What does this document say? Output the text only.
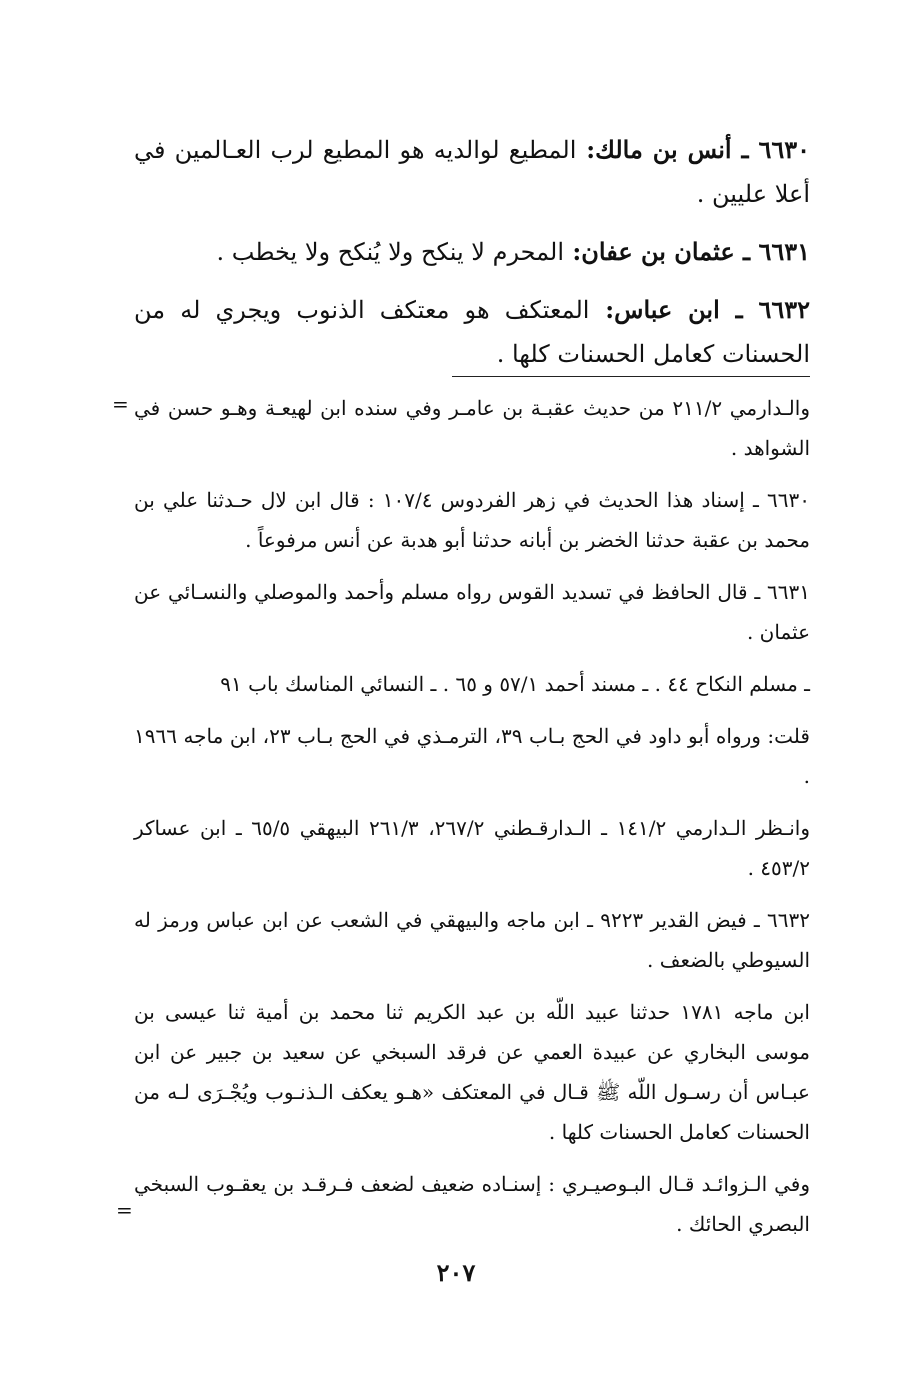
٦٦٣٠ ـ أنس بن مالك: المطيع لوالديه هو المطيع لرب العـالمين في أعلا عليين .

٦٦٣١ ـ عثمان بن عفان: المحرم لا ينكح ولا يُنكح ولا يخطب .

٦٦٣٢ ـ ابن عباس: المعتكف هو معتكف الذنوب ويجري له من الحسنات كعامل الحسنات كلها .

= والـدارمي ٢١١/٢ من حديث عقبـة بن عامـر وفي سنده ابن لهيعـة وهـو حسن في الشواهد .

٦٦٣٠ ـ إسناد هذا الحديث في زهر الفردوس ١٠٧/٤ : قال ابن لال حـدثنا علي بن محمد بن عقبة حدثنا الخضر بن أبانه حدثنا أبو هدبة عن أنس مرفوعاً .

٦٦٣١ ـ قال الحافظ في تسديد القوس رواه مسلم وأحمد والموصلي والنسـائي عن عثمان .

ـ مسلم النكاح ٤٤ . ـ مسند أحمد ٥٧/١ و ٦٥ . ـ النسائي المناسك باب ٩١

قلت: ورواه أبو داود في الحج بـاب ٣٩، الترمـذي في الحج بـاب ٢٣، ابن ماجه ١٩٦٦ .

وانـظر الـدارمي ١٤١/٢ ـ الـدارقـطني ٢٦٧/٢، ٢٦١/٣ البيهقي ٦٥/٥ ـ ابن عساكر ٤٥٣/٢ .

٦٦٣٢ ـ فيض القدير ٩٢٢٣ ـ ابن ماجه والبيهقي في الشعب عن ابن عباس ورمز له السيوطي بالضعف .

ابن ماجه ١٧٨١ حدثنا عبيد اللّه بن عبد الكريم ثنا محمد بن أمية ثنا عيسى بن موسى البخاري عن عبيدة العمي عن فرقد السبخي عن سعيد بن جبير عن ابن عبـاس أن رسـول اللّه ﷺ قـال في المعتكف «هـو يعكف الـذنـوب ويُجْـرَى لـه من الحسنات كعامل الحسنات كلها .

وفي الـزوائـد قـال البـوصيـري : إسنـاده ضعيف لضعف فـرقـد بن يعقـوب السبخي البصري الحائك .

=
٢٠٧
